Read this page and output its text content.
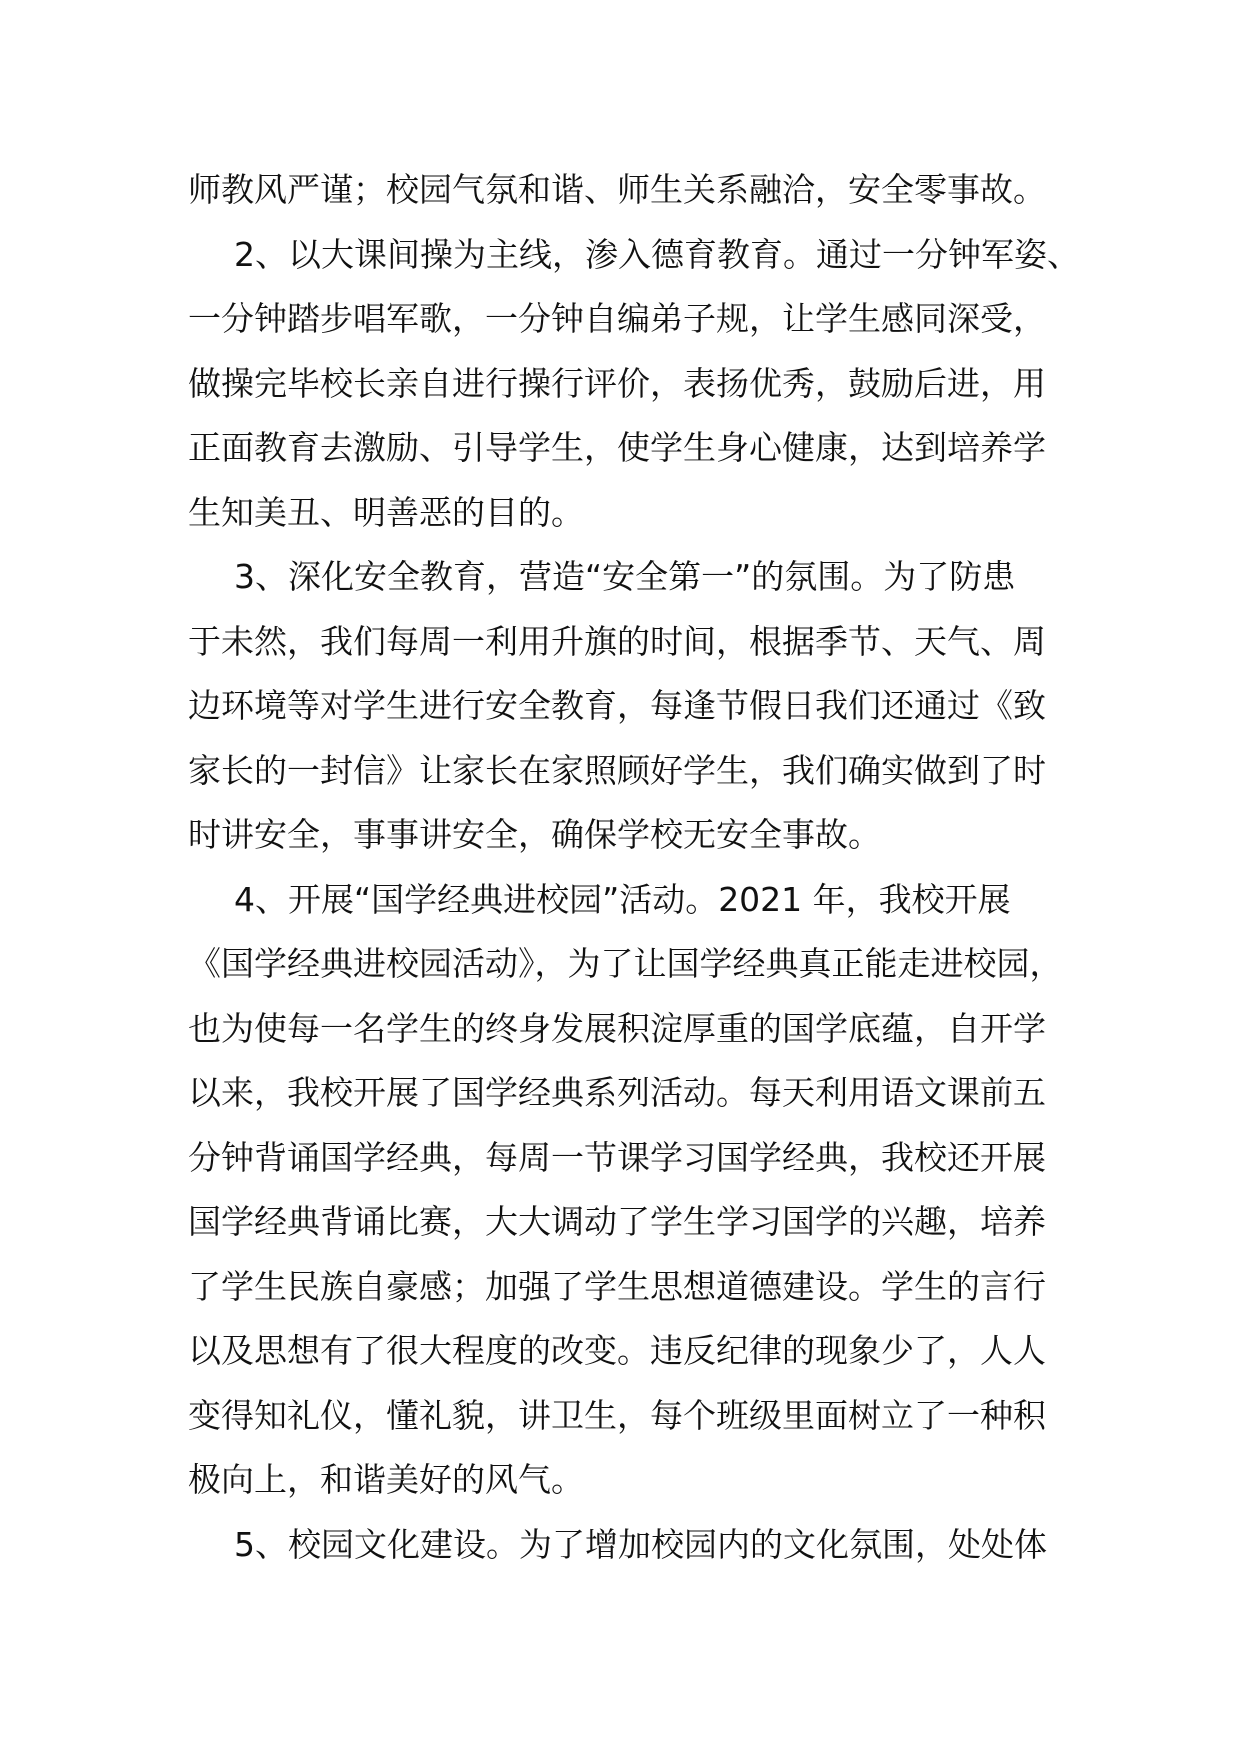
师教风严谨；校园气氛和谐、师生关系融洽，安全零事故。
2、以大课间操为主线，渗入德育教育。通过一分钟军姿、
一分钟踏步唱军歌，一分钟自编弟子规，让学生感同深受，
做操完毕校长亲自进行操行评价，表扬优秀，鼓励后进，用
正面教育去激励、引导学生，使学生身心健康，达到培养学
生知美丑、明善恶的目的。
3、深化安全教育，营造“安全第一”的氛围。为了防患
于未然，我们每周一利用升旗的时间，根据季节、天气、周
边环境等对学生进行安全教育，每逢节假日我们还通过《致
家长的一封信》让家长在家照顾好学生，我们确实做到了时
时讲安全，事事讲安全，确保学校无安全事故。
4、开展“国学经典进校园”活动。2021 年，我校开展
《国学经典进校园活动》，为了让国学经典真正能走进校园，
也为使每一名学生的终身发展积淀厚重的国学底蕴，自开学
以来，我校开展了国学经典系列活动。每天利用语文课前五
分钟背诵国学经典，每周一节课学习国学经典，我校还开展
国学经典背诵比赛，大大调动了学生学习国学的兴趣，培养
了学生民族自豪感；加强了学生思想道德建设。学生的言行
以及思想有了很大程度的改变。违反纪律的现象少了，人人
变得知礼仪，懂礼貌，讲卫生，每个班级里面树立了一种积
极向上，和谐美好的风气。
5、校园文化建设。为了增加校园内的文化氛围，处处体
